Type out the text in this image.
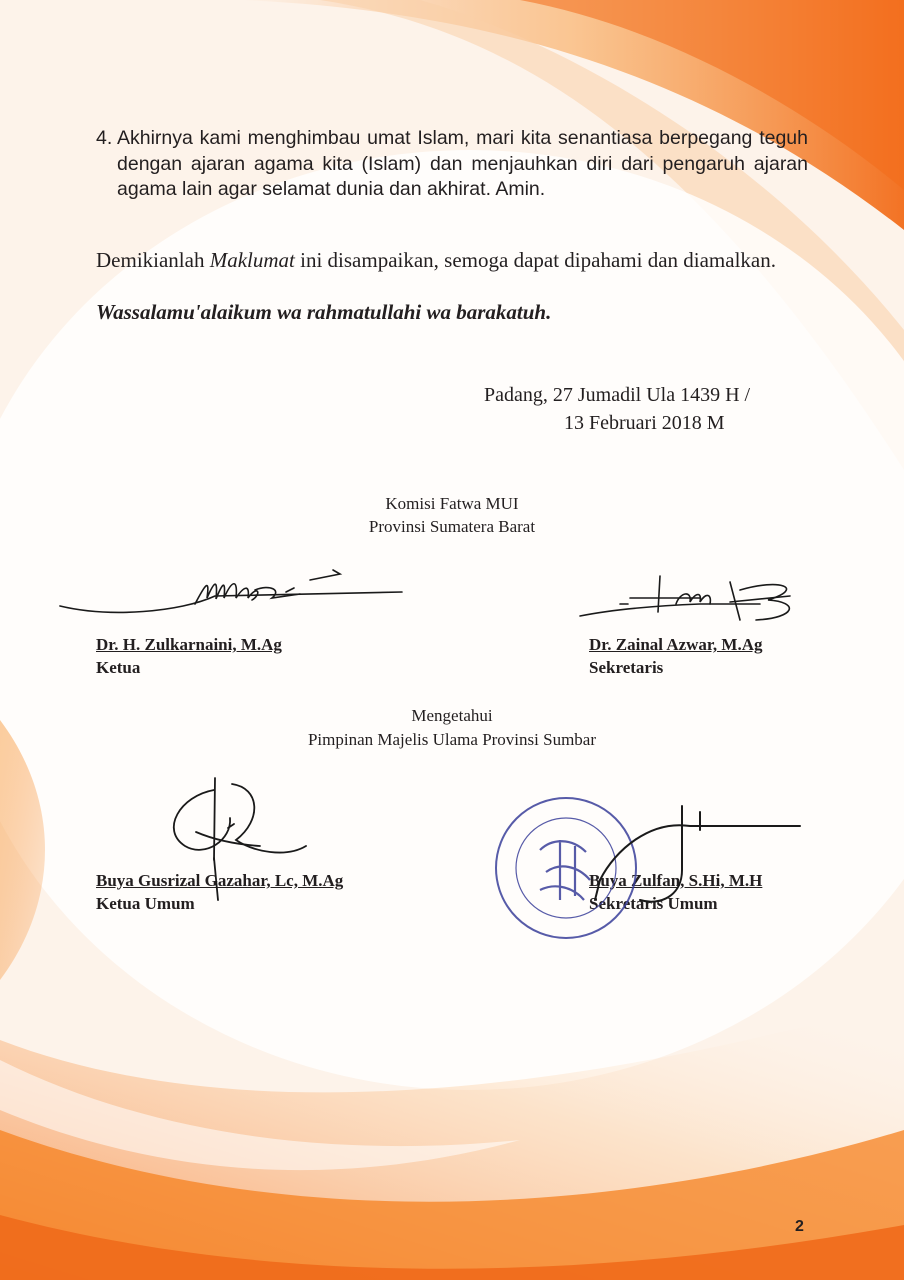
4. Akhirnya kami menghimbau umat Islam, mari kita senantiasa berpegang teguh dengan ajaran agama kita (Islam) dan menjauhkan diri dari pengaruh ajaran agama lain agar selamat dunia dan akhirat. Amin.
Demikianlah Maklumat ini disampaikan, semoga dapat dipahami dan diamalkan.
Wassalamu'alaikum wa rahmatullahi wa barakatuh.
Padang, 27 Jumadil Ula 1439 H /
13 Februari 2018 M
Komisi Fatwa MUI
Provinsi Sumatera Barat
Dr. H. Zulkarnaini, M.Ag
Ketua
Dr. Zainal Azwar, M.Ag
Sekretaris
Mengetahui
Pimpinan Majelis Ulama Provinsi Sumbar
Buya Gusrizal Gazahar, Lc, M.Ag
Ketua Umum
Buya Zulfan, S.Hi, M.H
Sekretaris Umum
2
